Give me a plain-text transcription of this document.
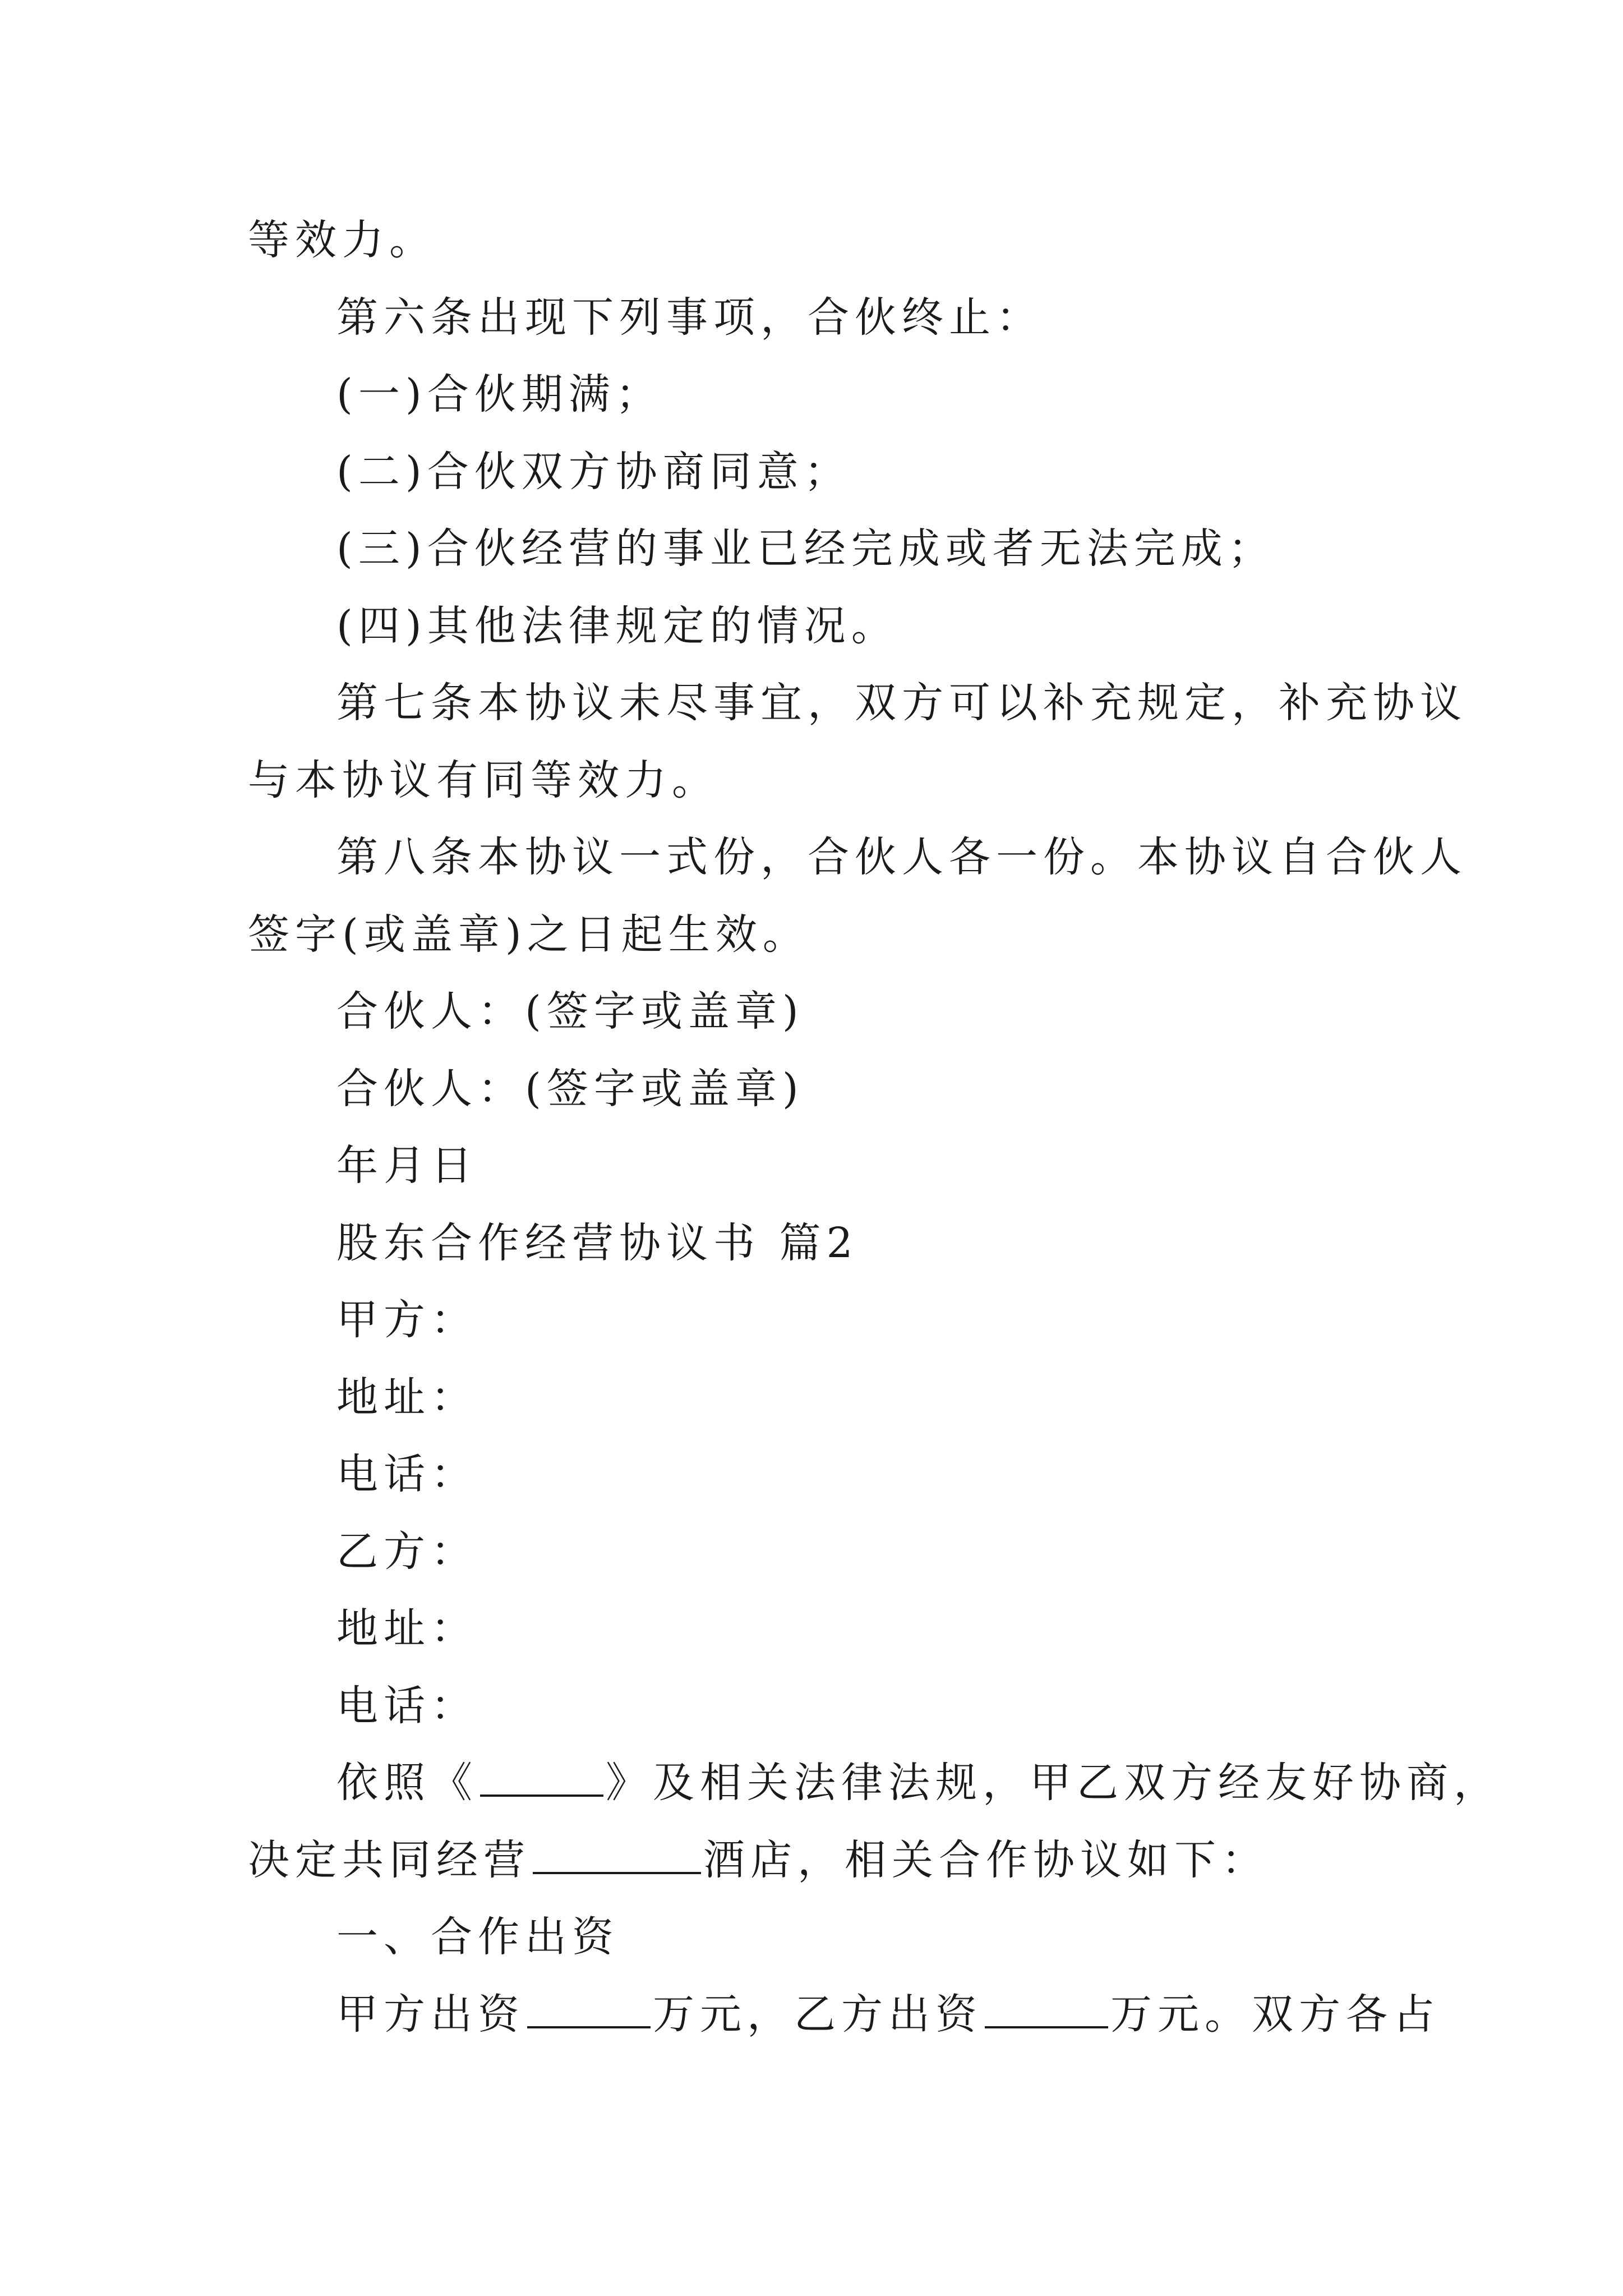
等效力。
第六条出现下列事项，合伙终止：
(一)合伙期满；
(二)合伙双方协商同意；
(三)合伙经营的事业已经完成或者无法完成；
(四)其他法律规定的情况。
第七条本协议未尽事宜，双方可以补充规定，补充协议
与本协议有同等效力。
第八条本协议一式份，合伙人各一份。本协议自合伙人
签字(或盖章)之日起生效。
合伙人：(签字或盖章)
合伙人：(签字或盖章)
年月日
股东合作经营协议书 篇2
甲方：
地址：
电话：
乙方：
地址：
电话：
依照《	》及相关法律法规，甲乙双方经友好协商，
决定共同经营	酒店，相关合作协议如下：
一、合作出资
甲方出资	万元，乙方出资	万元。双方各占
